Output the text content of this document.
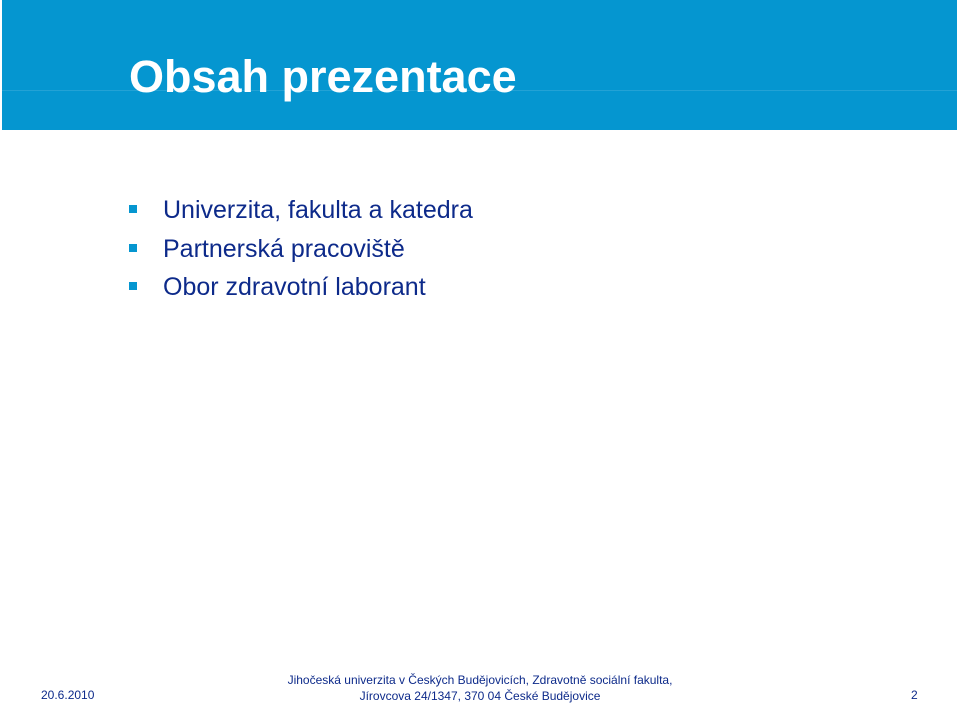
Obsah prezentace
Univerzita, fakulta a katedra
Partnerská pracoviště
Obor zdravotní laborant
20.6.2010
Jihočeská univerzita v Českých Budějovicích, Zdravotně sociální fakulta,
Jírovcova 24/1347, 370 04 České Budějovice	2
